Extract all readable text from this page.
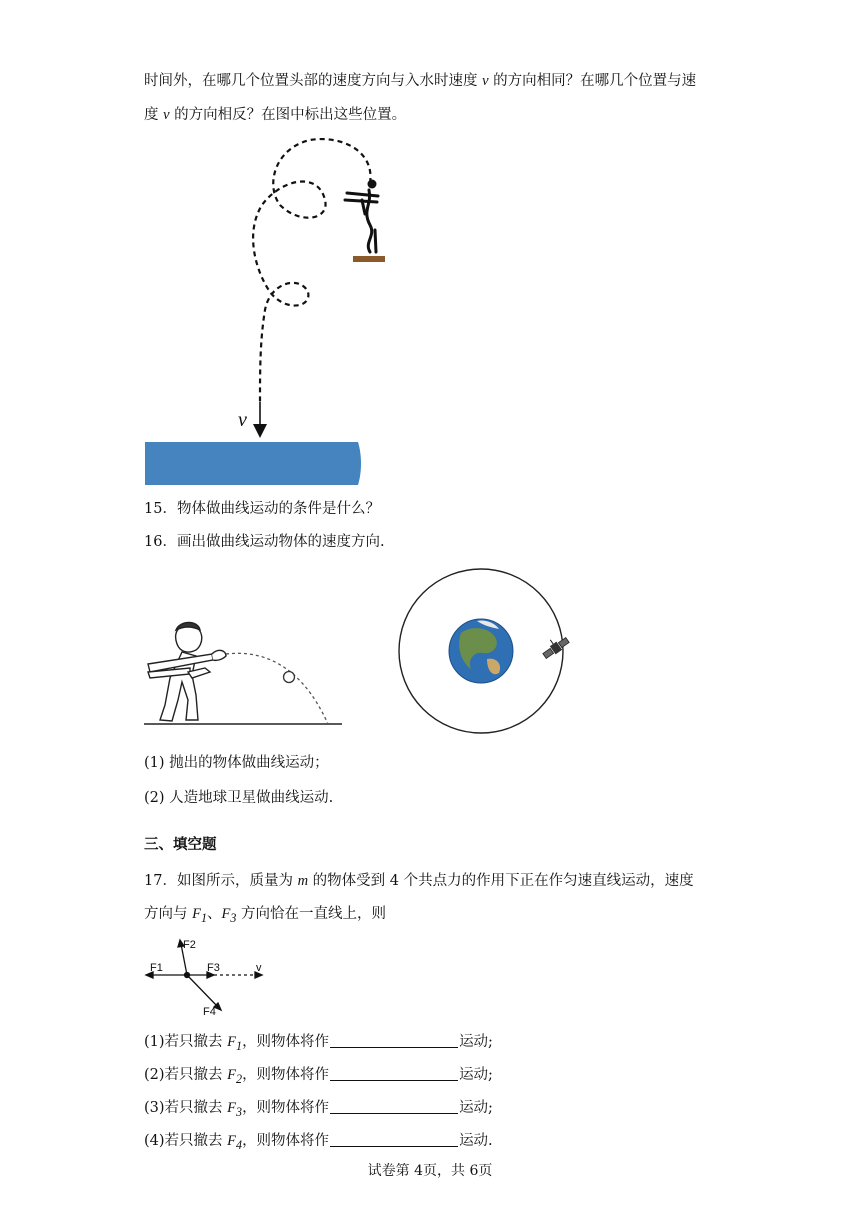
时间外，在哪几个位置头部的速度方向与入水时速度 v 的方向相同？在哪几个位置与速
度 v 的方向相反？在图中标出这些位置。
v
15．物体做曲线运动的条件是什么？
16．画出做曲线运动物体的速度方向.
(1) 抛出的物体做曲线运动；
(2) 人造地球卫星做曲线运动.
三、填空题
17．如图所示，质量为 m 的物体受到 4 个共点力的作用下正在作匀速直线运动，速度
方向与 $F_1$、$F_3$ 方向恰在一直线上，则
F1
F2
F3
F4
v
(1)若只撤去 $F_1$，则物体将作	运动;
(2)若只撤去 $F_2$，则物体将作	运动;
(3)若只撤去 $F_3$，则物体将作	运动;
(4)若只撤去 $F_4$，则物体将作	运动.
试卷第 4页，共 6页
